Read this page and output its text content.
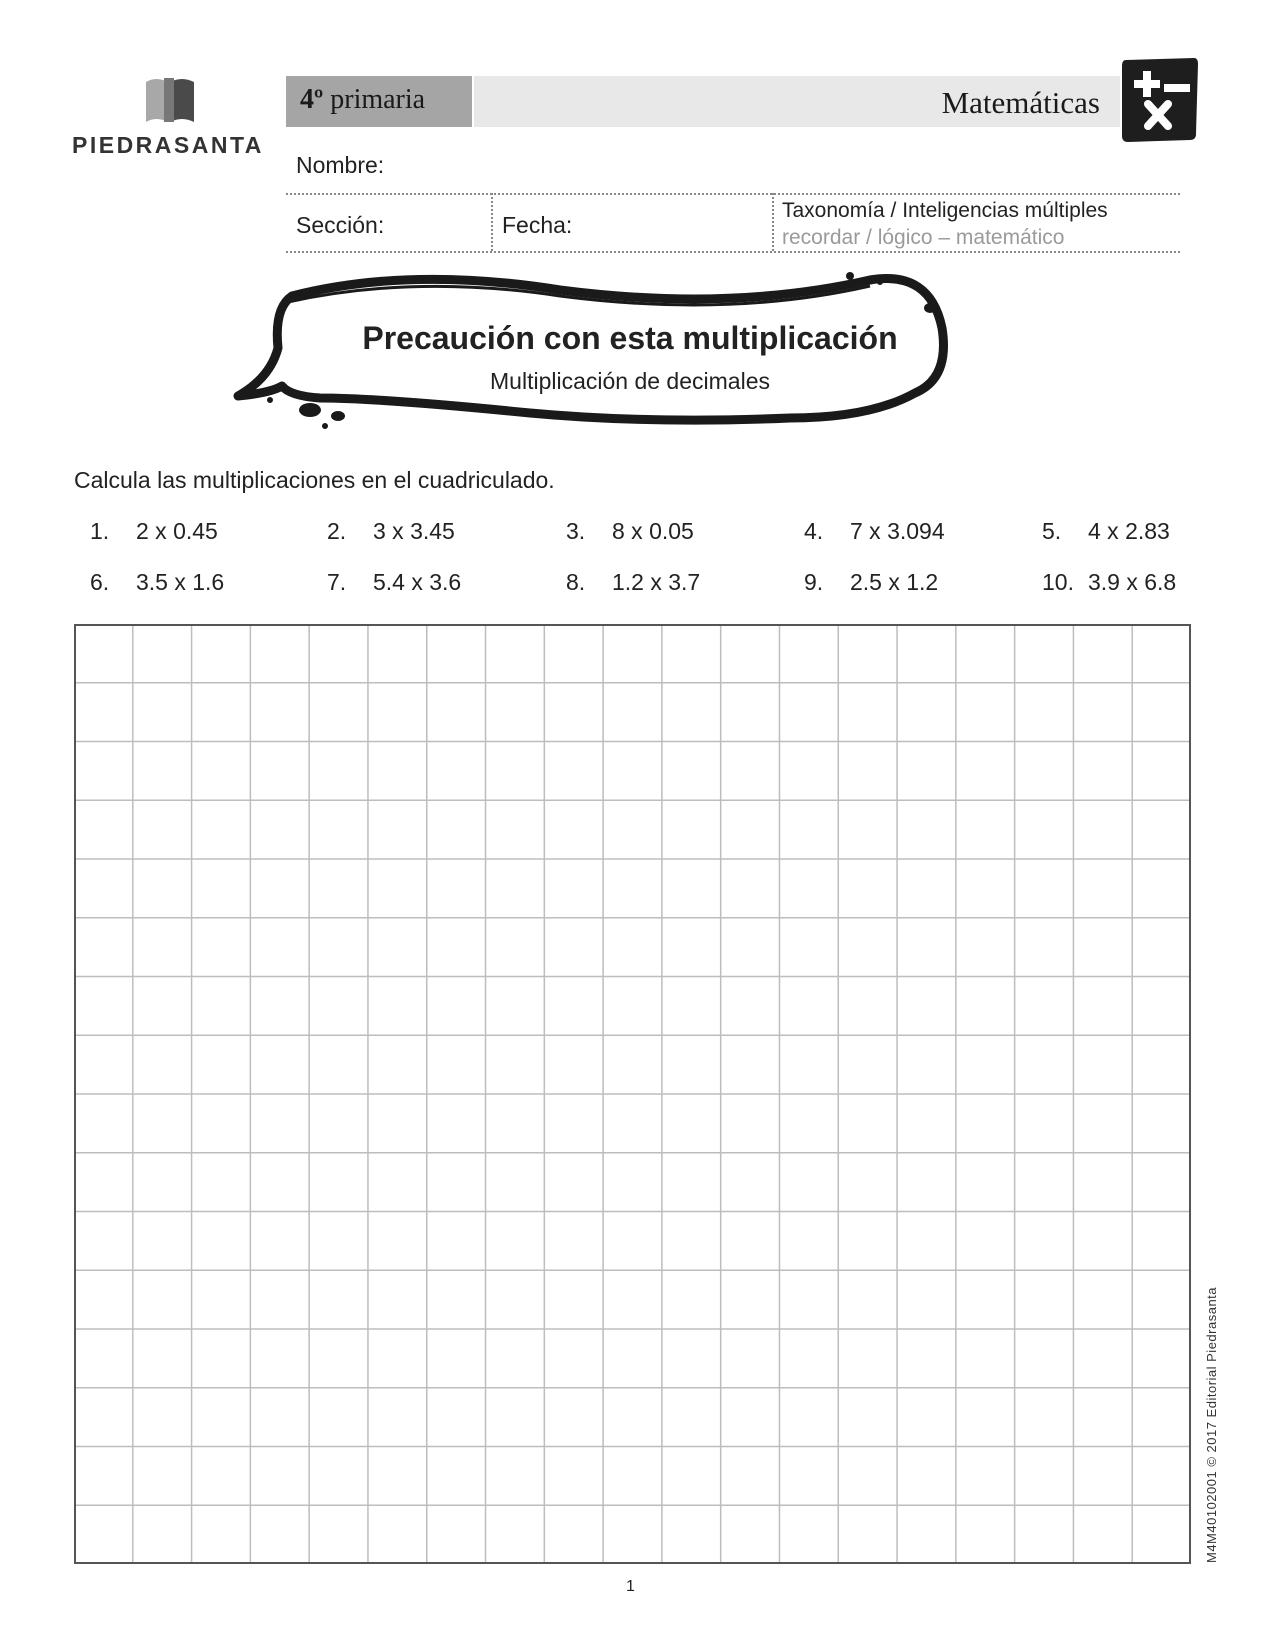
PIEDRASANTA
4º primaria	Matemáticas
Nombre:
Sección:	Fecha:
Taxonomía / Inteligencias múltiples
recordar / lógico – matemático
Precaución con esta multiplicación
Multiplicación de decimales
Calcula las multiplicaciones en el cuadriculado.
1. 2 x 0.45	2. 3 x 3.45	3. 8 x 0.05	4. 7 x 3.094	5. 4 x 2.83
6. 3.5 x 1.6	7. 5.4 x 3.6	8. 1.2 x 3.7	9. 2.5 x 1.2	10. 3.9 x 6.8
1
M4M40102001 © 2017 Editorial Piedrasanta
